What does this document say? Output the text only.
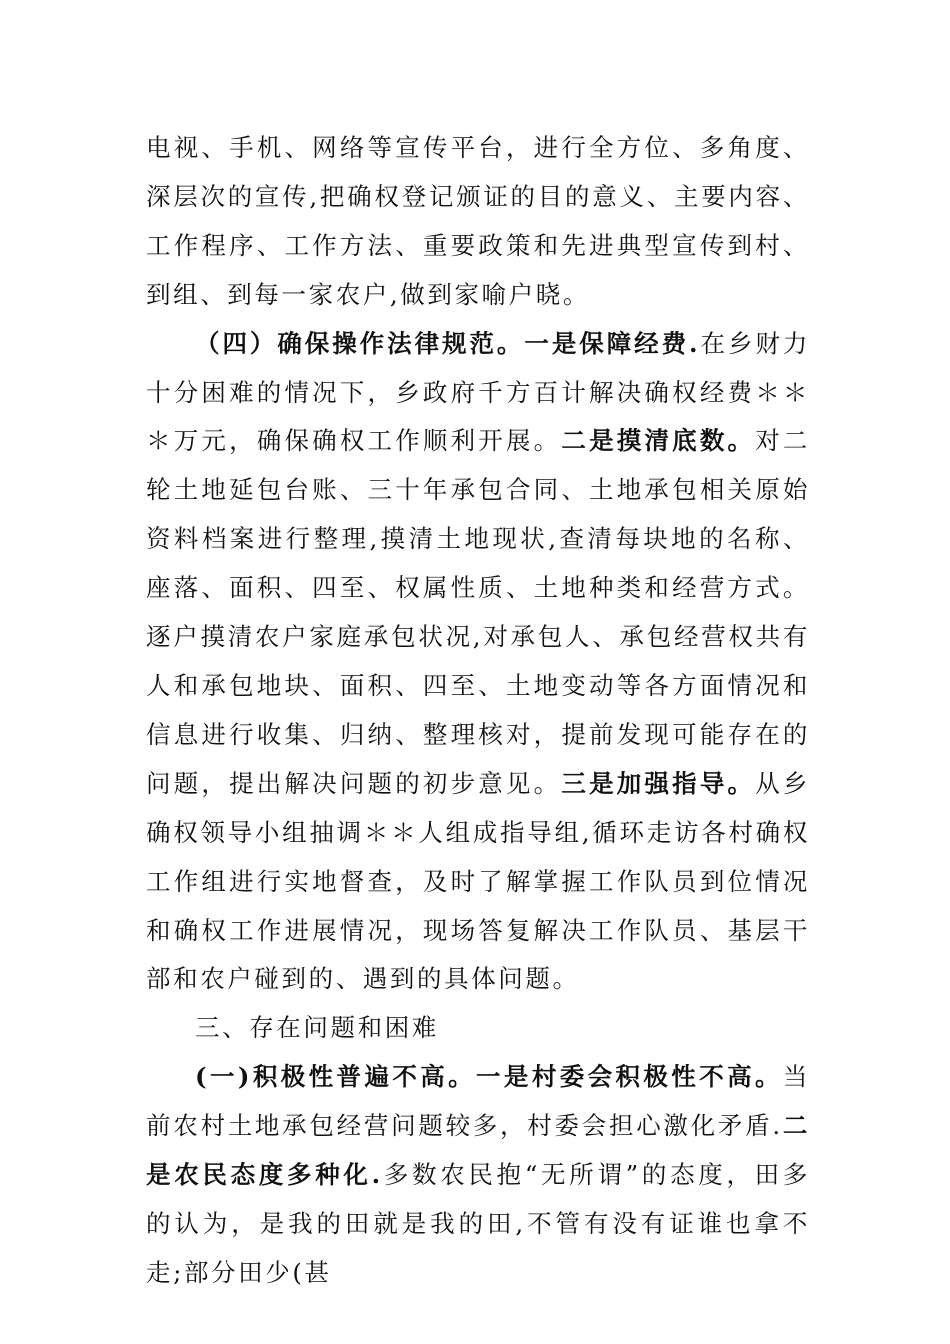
电视、手机、网络等宣传平台，进行全方位、多角度、深层次的宣传,把确权登记颁证的目的意义、主要内容、工作程序、工作方法、重要政策和先进典型宣传到村、到组、到每一家农户,做到家喻户晓。

（四）确保操作法律规范。一是保障经费.在乡财力十分困难的情况下，乡政府千方百计解决确权经费＊＊＊万元，确保确权工作顺利开展。二是摸清底数。对二轮土地延包台账、三十年承包合同、土地承包相关原始资料档案进行整理,摸清土地现状,查清每块地的名称、座落、面积、四至、权属性质、土地种类和经营方式。逐户摸清农户家庭承包状况,对承包人、承包经营权共有人和承包地块、面积、四至、土地变动等各方面情况和信息进行收集、归纳、整理核对，提前发现可能存在的问题，提出解决问题的初步意见。三是加强指导。从乡确权领导小组抽调＊＊人组成指导组,循环走访各村确权工作组进行实地督查，及时了解掌握工作队员到位情况和确权工作进展情况，现场答复解决工作队员、基层干部和农户碰到的、遇到的具体问题。

三、存在问题和困难

(一)积极性普遍不高。一是村委会积极性不高。当前农村土地承包经营问题较多，村委会担心激化矛盾.二是农民态度多种化.多数农民抱“无所谓”的态度，田多的认为，是我的田就是我的田,不管有没有证谁也拿不走;部分田少(甚
